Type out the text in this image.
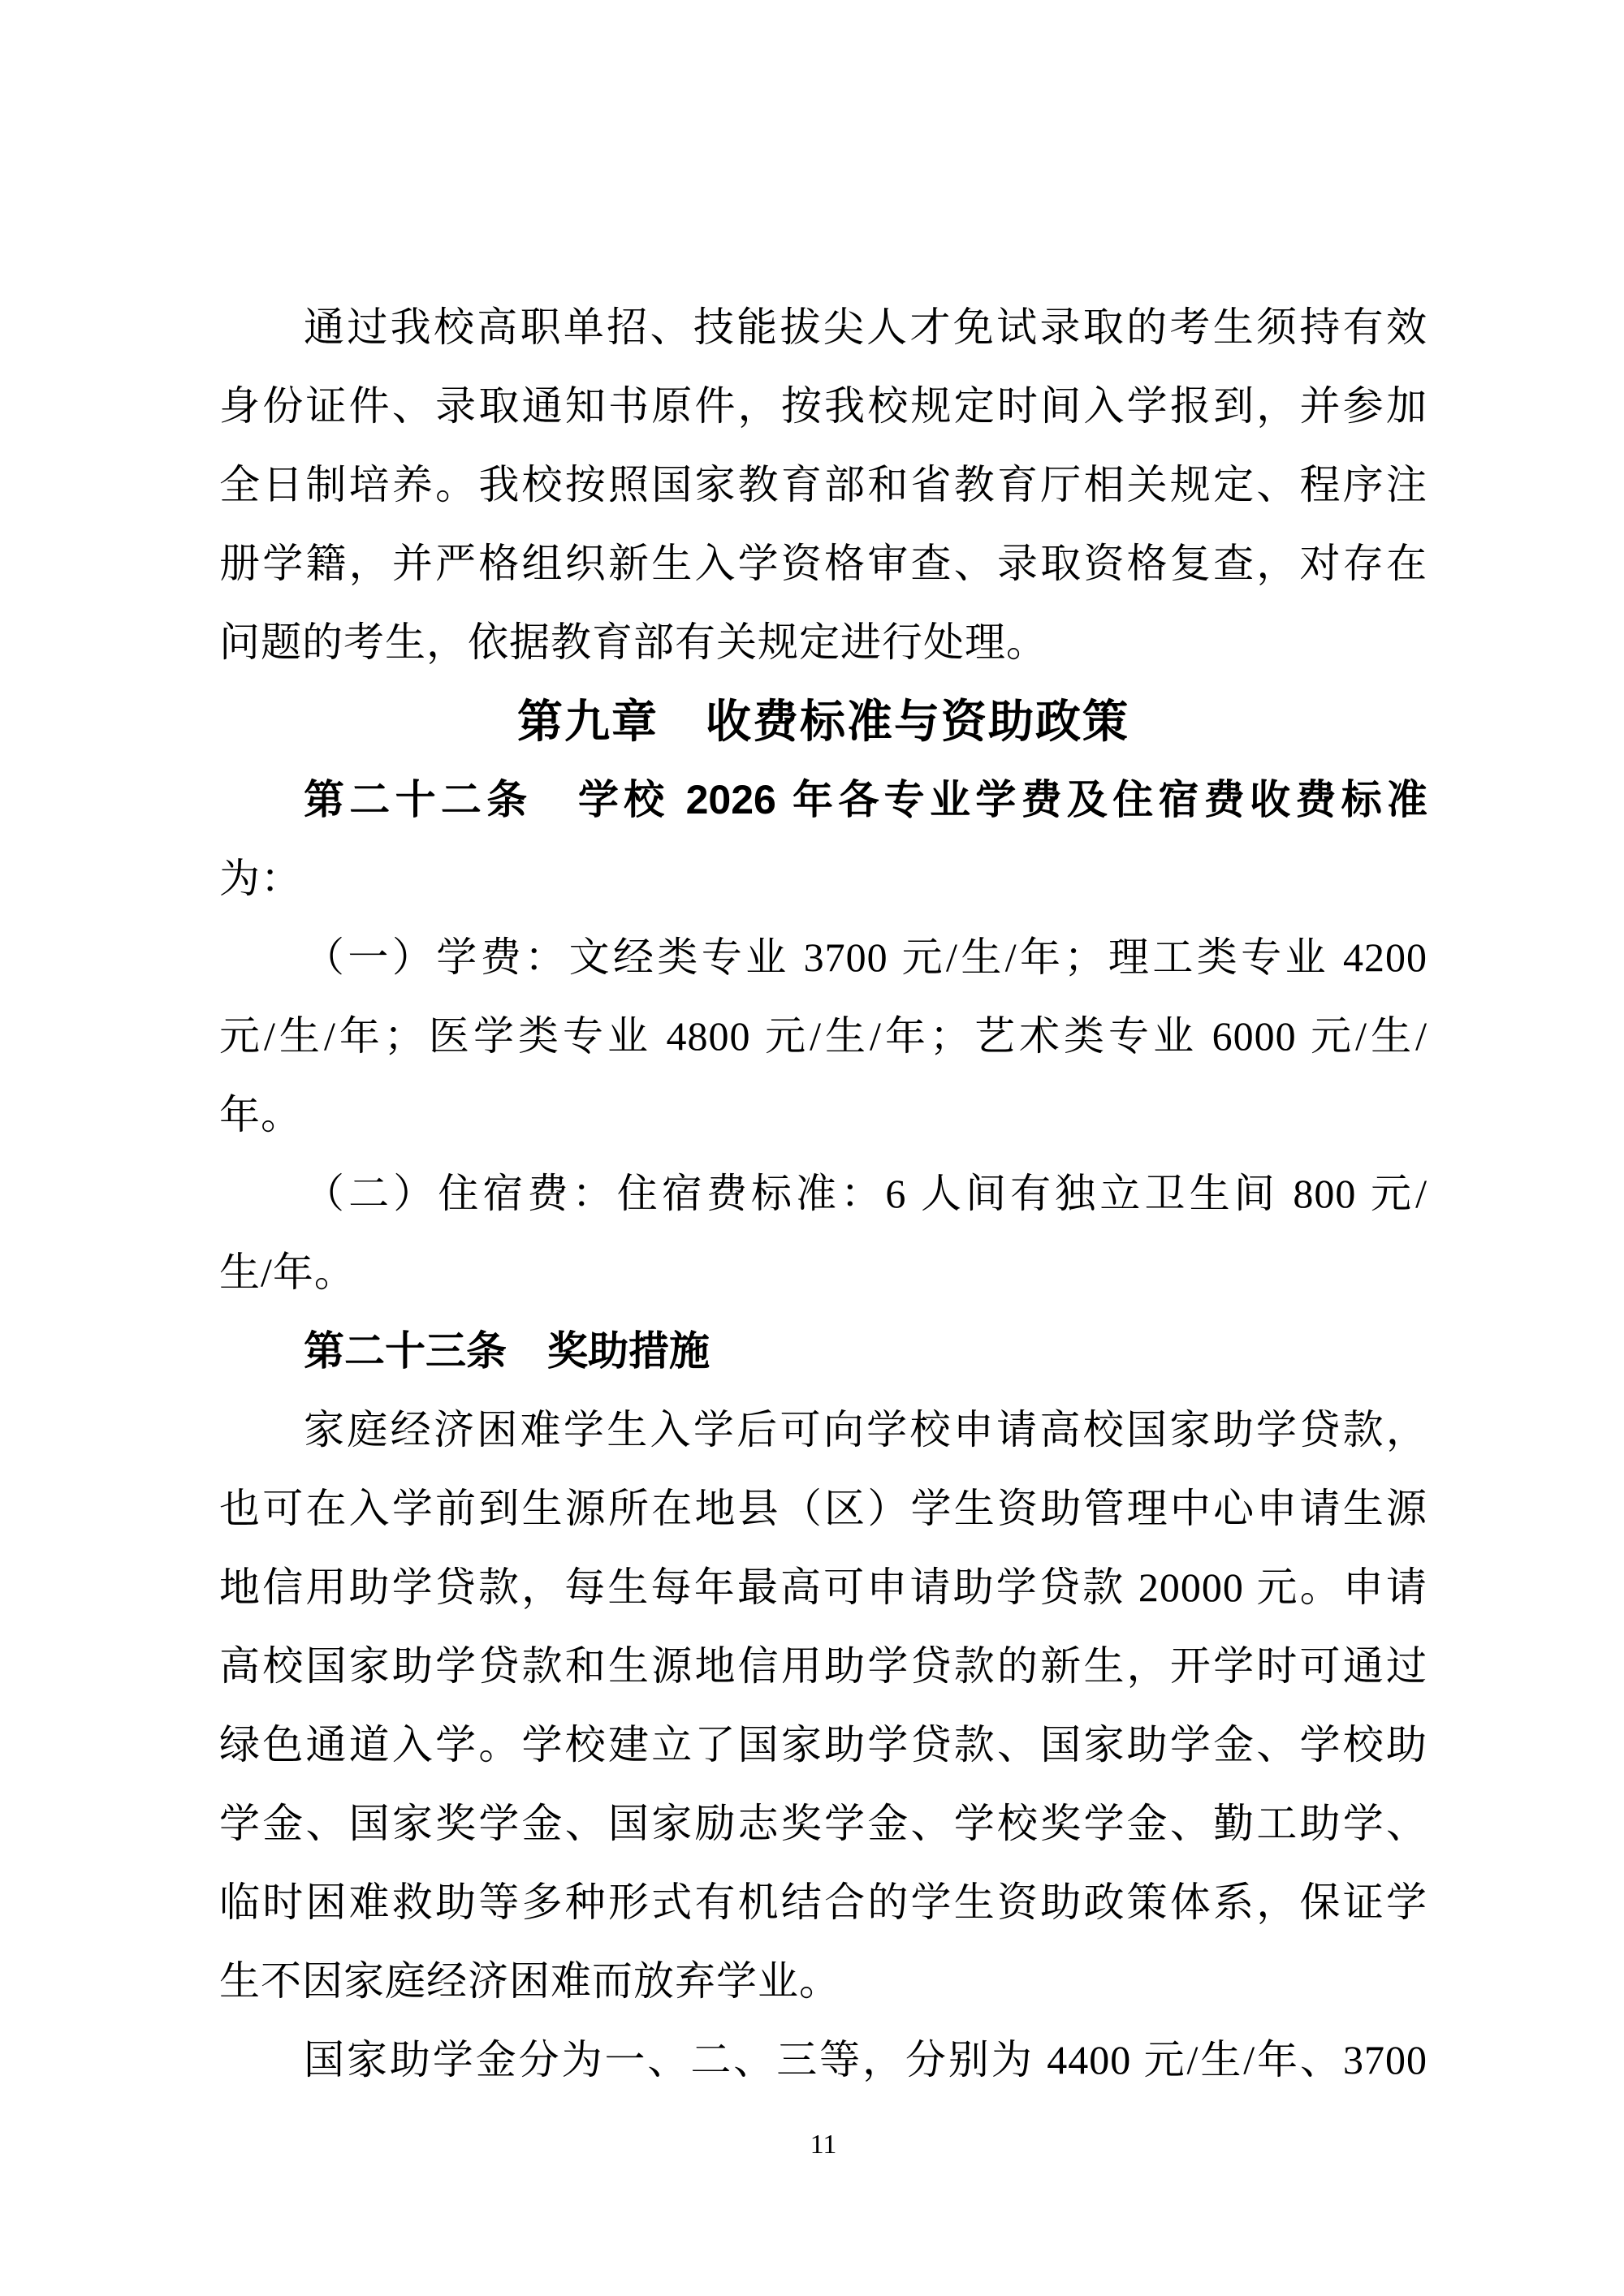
通过我校高职单招、技能拔尖人才免试录取的考生须持有效
身份证件、录取通知书原件，按我校规定时间入学报到，并参加
全日制培养。我校按照国家教育部和省教育厅相关规定、程序注
册学籍，并严格组织新生入学资格审查、录取资格复查，对存在
问题的考生，依据教育部有关规定进行处理。
第九章　收费标准与资助政策
第二十二条　学校 2026 年各专业学费及住宿费收费标准
为：
（一）学费：文经类专业 3700 元/生/年；理工类专业 4200
元/生/年；医学类专业 4800 元/生/年；艺术类专业 6000 元/生/
年。
（二）住宿费：住宿费标准：6 人间有独立卫生间 800 元/
生/年。
第二十三条　奖助措施
家庭经济困难学生入学后可向学校申请高校国家助学贷款，
也可在入学前到生源所在地县（区）学生资助管理中心申请生源
地信用助学贷款，每生每年最高可申请助学贷款 20000 元。申请
高校国家助学贷款和生源地信用助学贷款的新生，开学时可通过
绿色通道入学。学校建立了国家助学贷款、国家助学金、学校助
学金、国家奖学金、国家励志奖学金、学校奖学金、勤工助学、
临时困难救助等多种形式有机结合的学生资助政策体系，保证学
生不因家庭经济困难而放弃学业。
国家助学金分为一、二、三等，分别为 4400 元/生/年、3700
11
